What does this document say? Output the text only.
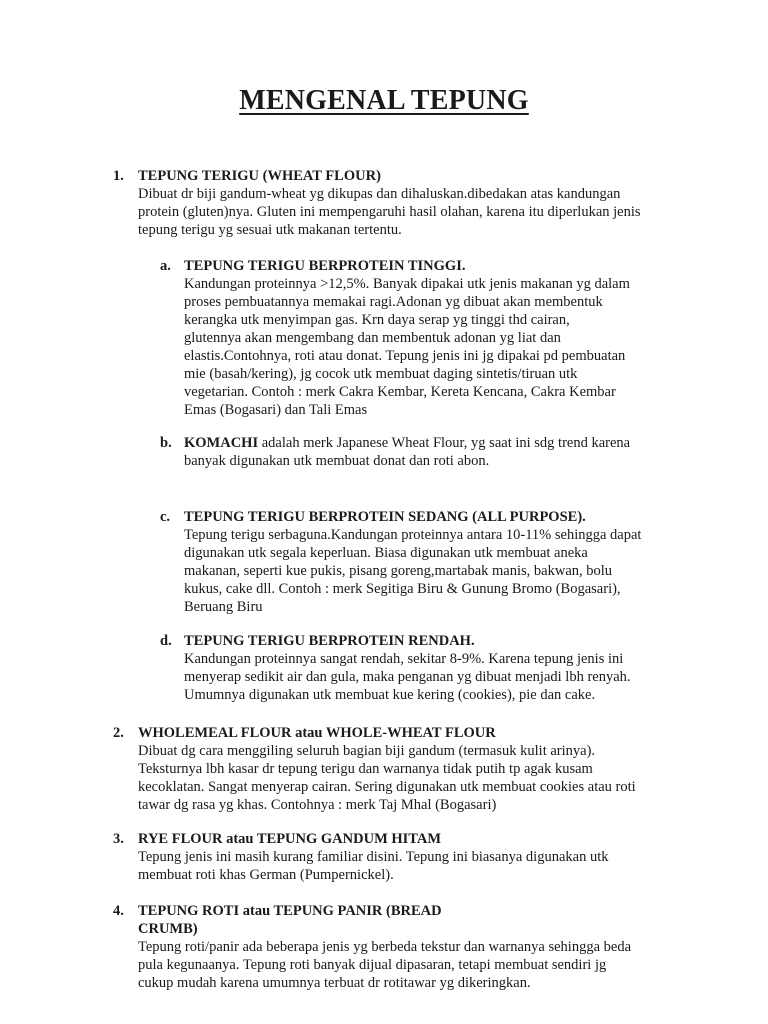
MENGENAL TEPUNG
1. TEPUNG TERIGU (WHEAT FLOUR)
Dibuat dr biji gandum-wheat yg dikupas dan dihaluskan.dibedakan atas kandungan
protein (gluten)nya. Gluten ini mempengaruhi hasil olahan, karena itu diperlukan jenis
tepung terigu yg sesuai utk makanan tertentu.
a. TEPUNG TERIGU BERPROTEIN TINGGI.
Kandungan proteinnya >12,5%. Banyak dipakai utk jenis makanan yg dalam
proses pembuatannya memakai ragi.Adonan yg dibuat akan membentuk
kerangka utk menyimpan gas. Krn daya serap yg tinggi thd cairan,
glutennya akan mengembang dan membentuk adonan yg liat dan
elastis.Contohnya, roti atau donat. Tepung jenis ini jg dipakai pd pembuatan
mie (basah/kering), jg cocok utk membuat daging sintetis/tiruan utk
vegetarian. Contoh : merk Cakra Kembar, Kereta Kencana, Cakra Kembar
Emas (Bogasari) dan Tali Emas
b. KOMACHI adalah merk Japanese Wheat Flour, yg saat ini sdg trend karena
banyak digunakan utk membuat donat dan roti abon.
c. TEPUNG TERIGU BERPROTEIN SEDANG (ALL PURPOSE).
Tepung terigu serbaguna.Kandungan proteinnya antara 10-11% sehingga dapat
digunakan utk segala keperluan. Biasa digunakan utk membuat aneka
makanan, seperti kue pukis, pisang goreng,martabak manis, bakwan, bolu
kukus, cake dll. Contoh : merk Segitiga Biru & Gunung Bromo (Bogasari),
Beruang Biru
d. TEPUNG TERIGU BERPROTEIN RENDAH.
Kandungan proteinnya sangat rendah, sekitar 8-9%. Karena tepung jenis ini
menyerap sedikit air dan gula, maka penganan yg dibuat menjadi lbh renyah.
Umumnya digunakan utk membuat kue kering (cookies), pie dan cake.
2. WHOLEMEAL FLOUR atau WHOLE-WHEAT FLOUR
Dibuat dg cara menggiling seluruh bagian biji gandum (termasuk kulit arinya).
Teksturnya lbh kasar dr tepung terigu dan warnanya tidak putih tp agak kusam
kecoklatan. Sangat menyerap cairan. Sering digunakan utk membuat cookies atau roti
tawar dg rasa yg khas. Contohnya : merk Taj Mhal (Bogasari)
3. RYE FLOUR atau TEPUNG GANDUM HITAM
Tepung jenis ini masih kurang familiar disini. Tepung ini biasanya digunakan utk
membuat roti khas German (Pumpernickel).
4. TEPUNG ROTI atau TEPUNG PANIR (BREAD
CRUMB)
Tepung roti/panir ada beberapa jenis yg berbeda tekstur dan warnanya sehingga beda
pula kegunaanya. Tepung roti banyak dijual dipasaran, tetapi membuat sendiri jg
cukup mudah karena umumnya terbuat dr rotitawar yg dikeringkan.
